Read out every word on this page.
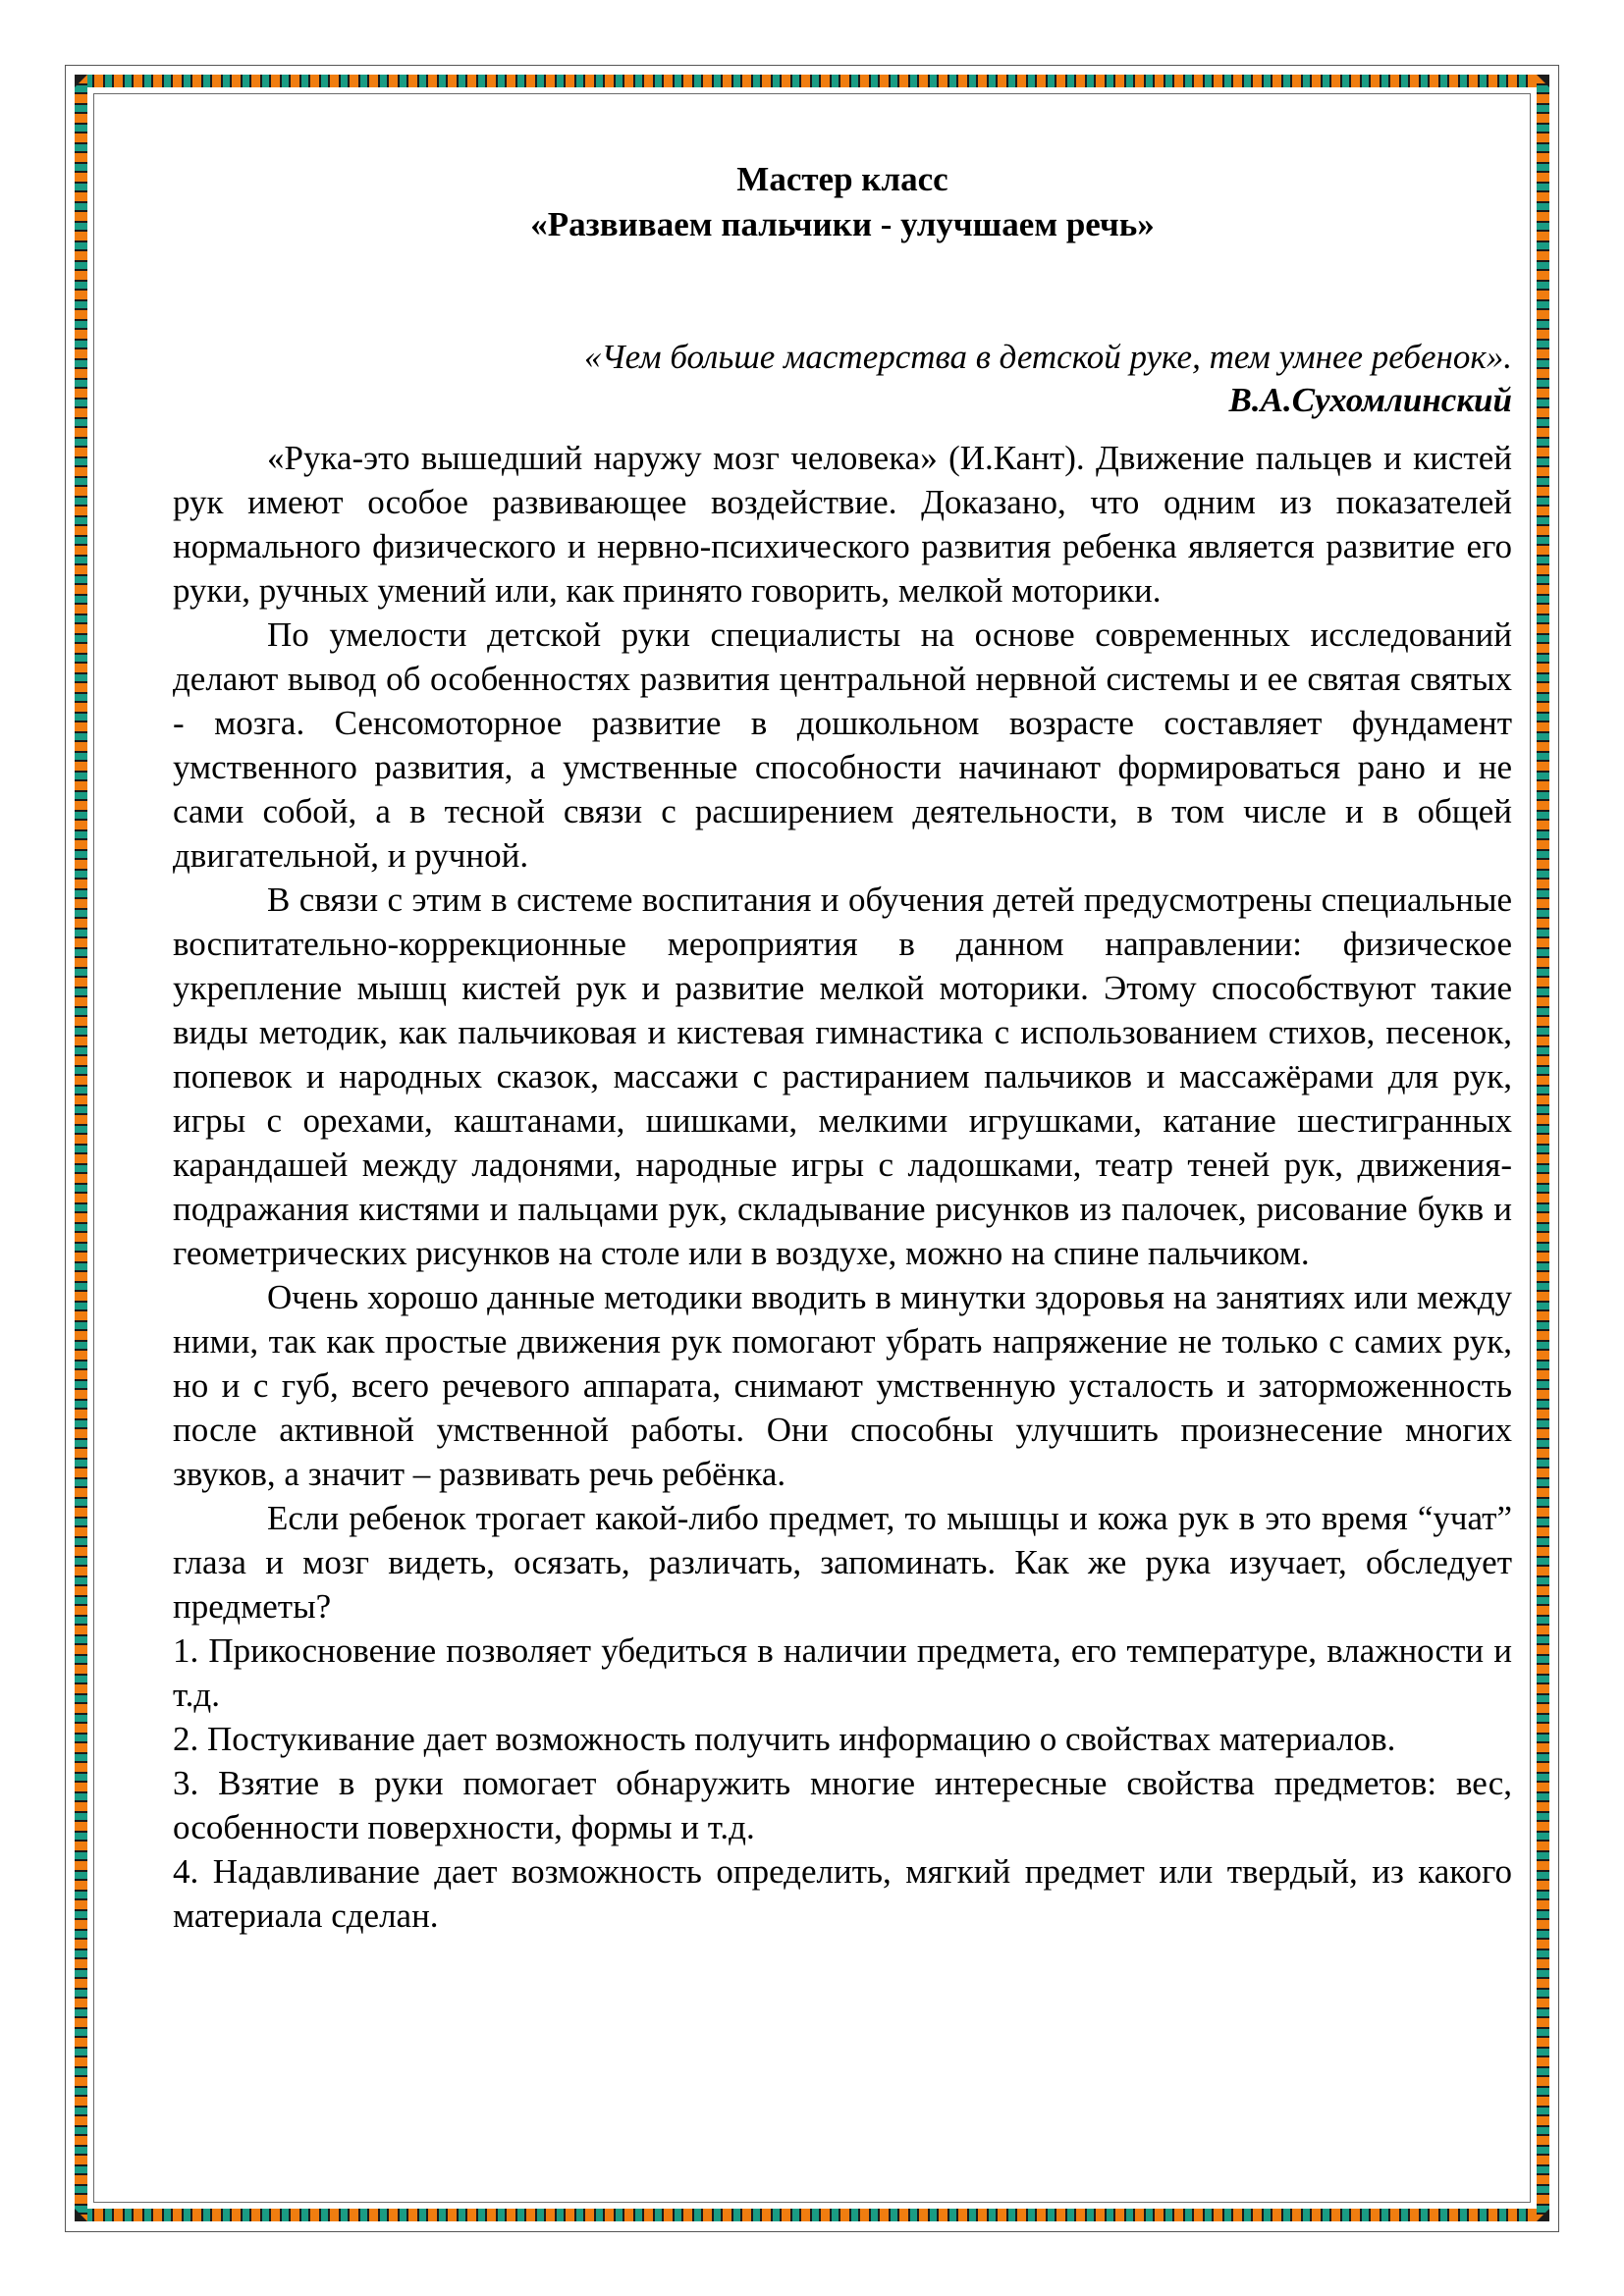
Мастер класс
«Развиваем пальчики - улучшаем речь»

«Чем больше мастерства в детской руке, тем умнее ребенок».
В.А.Сухомлинский

«Рука-это вышедший наружу мозг человека» (И.Кант). Движение пальцев и кистей рук имеют особое развивающее воздействие. Доказано, что одним из показателей нормального физического и нервно-психического развития ребенка является развитие его руки, ручных умений или, как принято говорить, мелкой моторики.

По умелости детской руки специалисты на основе современных исследований делают вывод об особенностях развития центральной нервной системы и ее святая святых - мозга. Сенсомоторное развитие в дошкольном возрасте составляет фундамент умственного развития, а умственные способности начинают формироваться рано и не сами собой, а в тесной связи с расширением деятельности, в том числе и в общей двигательной, и ручной.

В связи с этим в системе воспитания и обучения детей предусмотрены специальные воспитательно-коррекционные мероприятия в данном направлении: физическое укрепление мышц кистей рук и развитие мелкой моторики. Этому способствуют такие виды методик, как пальчиковая и кистевая гимнастика с использованием стихов, песенок, попевок и народных сказок, массажи с растиранием пальчиков и массажёрами для рук, игры с орехами, каштанами, шишками, мелкими игрушками, катание шестигранных карандашей между ладонями, народные игры с ладошками, театр теней рук, движения-подражания кистями и пальцами рук, складывание рисунков из палочек, рисование букв и геометрических рисунков на столе или в воздухе, можно на спине пальчиком.

Очень хорошо данные методики вводить в минутки здоровья на занятиях или между ними, так как простые движения рук помогают убрать напряжение не только с самих рук, но и с губ, всего речевого аппарата, снимают умственную усталость и заторможенность после активной умственной работы. Они способны улучшить произнесение многих звуков, а значит – развивать речь ребёнка.

Если ребенок трогает какой-либо предмет, то мышцы и кожа рук в это время “учат” глаза и мозг видеть, осязать, различать, запоминать. Как же рука изучает, обследует предметы?

1. Прикосновение позволяет убедиться в наличии предмета, его температуре, влажности и т.д.

2. Постукивание дает возможность получить информацию о свойствах материалов.

3. Взятие в руки помогает обнаружить многие интересные свойства предметов: вес, особенности поверхности, формы и т.д.

4. Надавливание дает возможность определить, мягкий предмет или твердый, из какого материала сделан.
